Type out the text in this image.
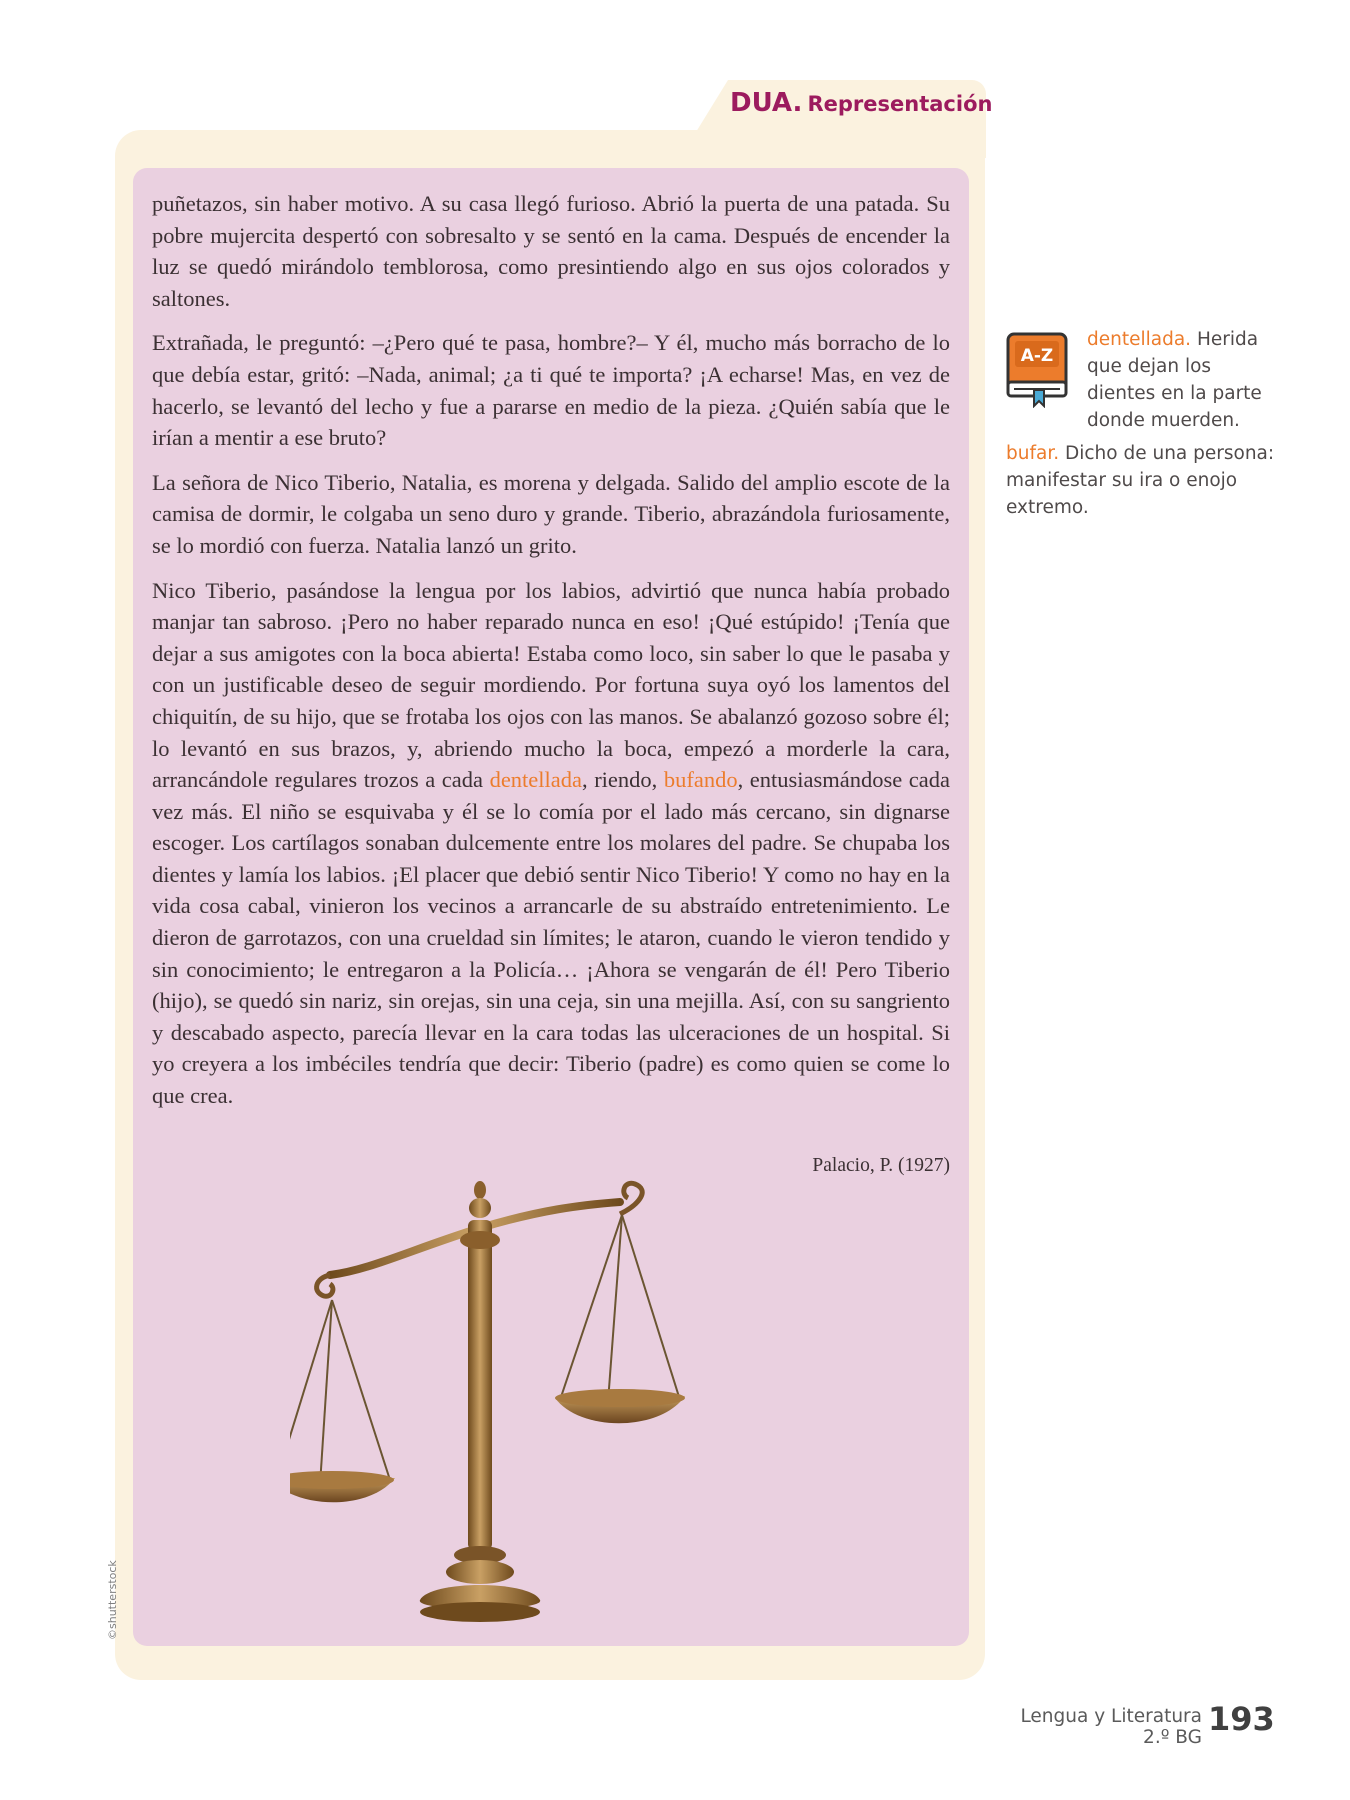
DUA. Representación

puñetazos, sin haber motivo. A su casa llegó furioso. Abrió la puerta de una patada. Su pobre mujercita despertó con sobresalto y se sentó en la cama. Después de encender la luz se quedó mirándolo temblorosa, como presintiendo algo en sus ojos colorados y saltones.

Extrañada, le preguntó: –¿Pero qué te pasa, hombre?– Y él, mucho más borracho de lo que debía estar, gritó: –Nada, animal; ¿a ti qué te importa? ¡A echarse! Mas, en vez de hacerlo, se levantó del lecho y fue a pararse en medio de la pieza. ¿Quién sabía que le irían a mentir a ese bruto?

La señora de Nico Tiberio, Natalia, es morena y delgada. Salido del amplio escote de la camisa de dormir, le colgaba un seno duro y grande. Tiberio, abrazándola furiosamente, se lo mordió con fuerza. Natalia lanzó un grito.

Nico Tiberio, pasándose la lengua por los labios, advirtió que nunca había probado manjar tan sabroso. ¡Pero no haber reparado nunca en eso! ¡Qué estúpido! ¡Tenía que dejar a sus amigotes con la boca abierta! Estaba como loco, sin saber lo que le pasaba y con un justificable deseo de seguir mordiendo. Por fortuna suya oyó los lamentos del chiquitín, de su hijo, que se frotaba los ojos con las manos. Se abalanzó gozoso sobre él; lo levantó en sus brazos, y, abriendo mucho la boca, empezó a morderle la cara, arrancándole regulares trozos a cada dentellada, riendo, bufando, entusiasmándose cada vez más. El niño se esquivaba y él se lo comía por el lado más cercano, sin dignarse escoger. Los cartílagos sonaban dulcemente entre los molares del padre. Se chupaba los dientes y lamía los labios. ¡El placer que debió sentir Nico Tiberio! Y como no hay en la vida cosa cabal, vinieron los vecinos a arrancarle de su abstraído entretenimiento. Le dieron de garrotazos, con una crueldad sin límites; le ataron, cuando le vieron tendido y sin conocimiento; le entregaron a la Policía… ¡Ahora se vengarán de él! Pero Tiberio (hijo), se quedó sin nariz, sin orejas, sin una ceja, sin una mejilla. Así, con su sangriento y descabado aspecto, parecía llevar en la cara todas las ulceraciones de un hospital. Si yo creyera a los imbéciles tendría que decir: Tiberio (padre) es como quien se come lo que crea.

Palacio, P. (1927)
©shutterstock
A-Z

dentellada. Herida que dejan los dientes en la parte donde muerden.

bufar. Dicho de una persona: manifestar su ira o enojo extremo.

Lengua y Literatura
2.º BG 193
